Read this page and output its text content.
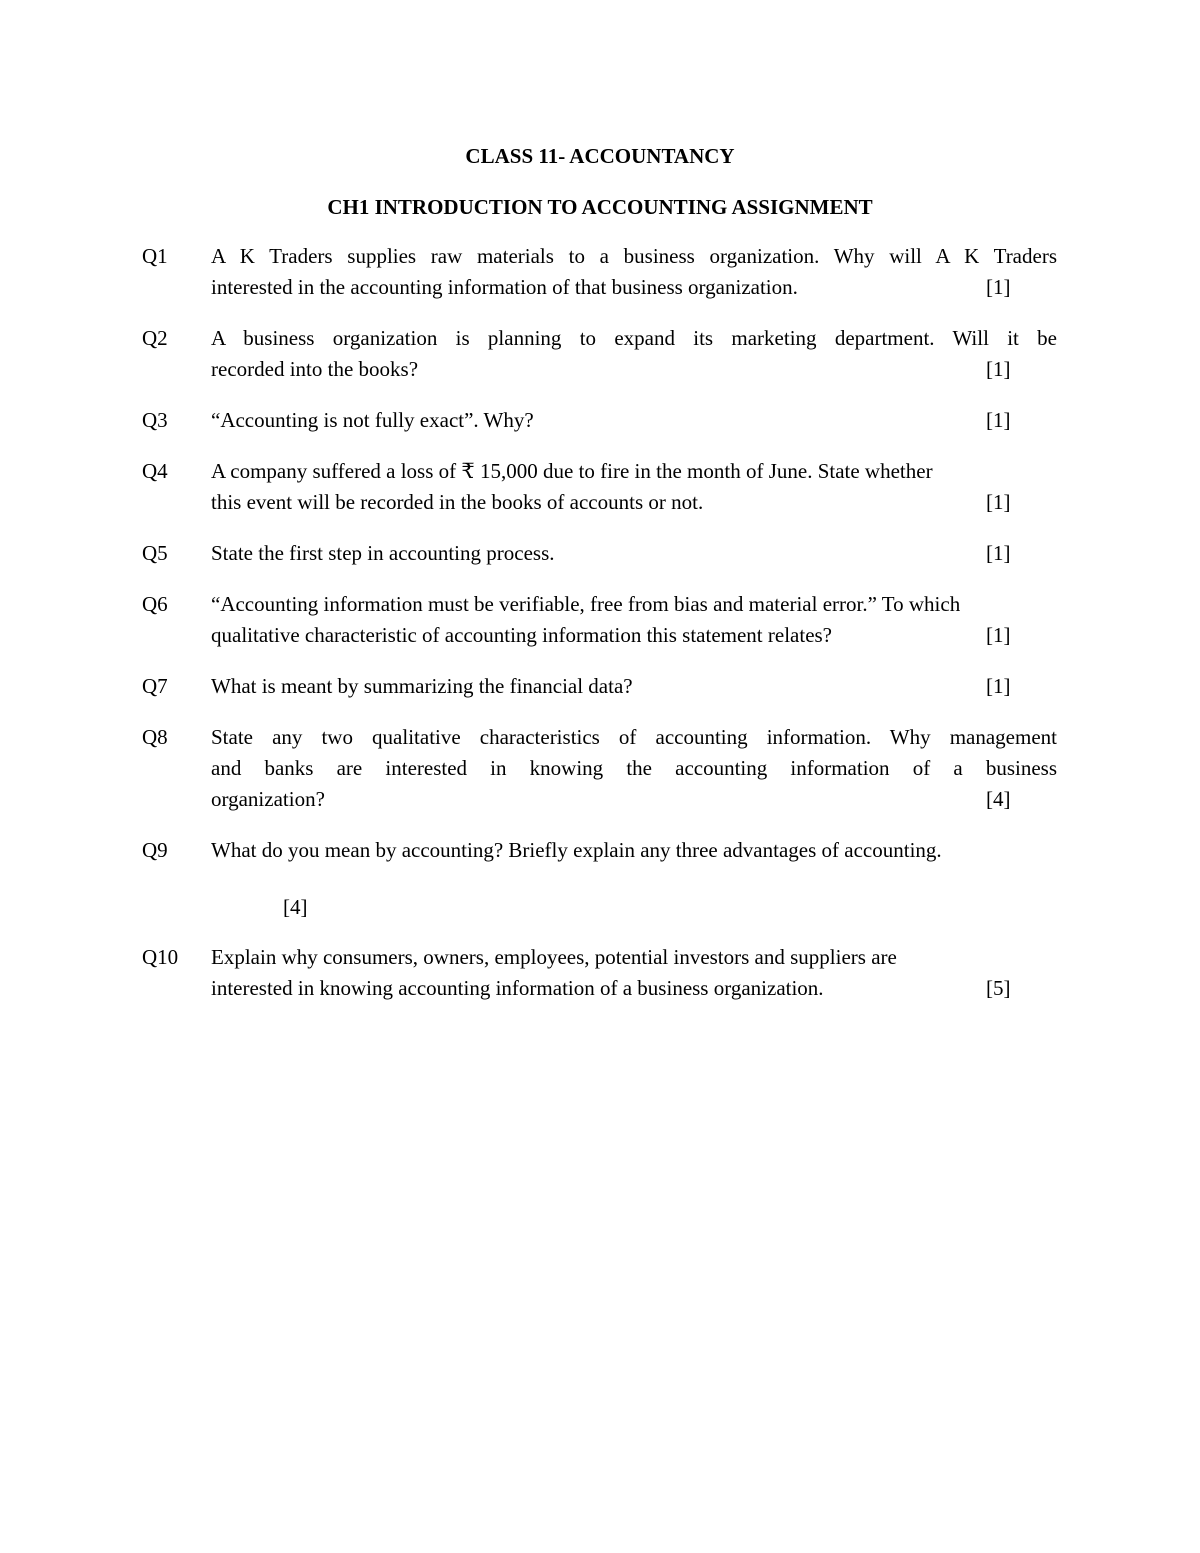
CLASS 11- ACCOUNTANCY
CH1 INTRODUCTION TO ACCOUNTING ASSIGNMENT
Q1 A K Traders supplies raw materials to a business organization. Why will A K Traders
interested in the accounting information of that business organization.	[1]
Q2 A business organization is planning to expand its marketing department. Will it be
recorded into the books?	[1]
Q3 “Accounting is not fully exact”. Why?	[1]
Q4 A company suffered a loss of ₹ 15,000 due to fire in the month of June. State whether
this event will be recorded in the books of accounts or not.	[1]
Q5 State the first step in accounting process.	[1]
Q6 “Accounting information must be verifiable, free from bias and material error.” To which
qualitative characteristic of accounting information this statement relates?	[1]
Q7 What is meant by summarizing the financial data?	[1]
Q8 State any two qualitative characteristics of accounting information. Why management
and banks are interested in knowing the accounting information of a business
organization?	[4]
Q9 What do you mean by accounting? Briefly explain any three advantages of accounting.
[4]
Q10 Explain why consumers, owners, employees, potential investors and suppliers are
interested in knowing accounting information of a business organization.	[5]
